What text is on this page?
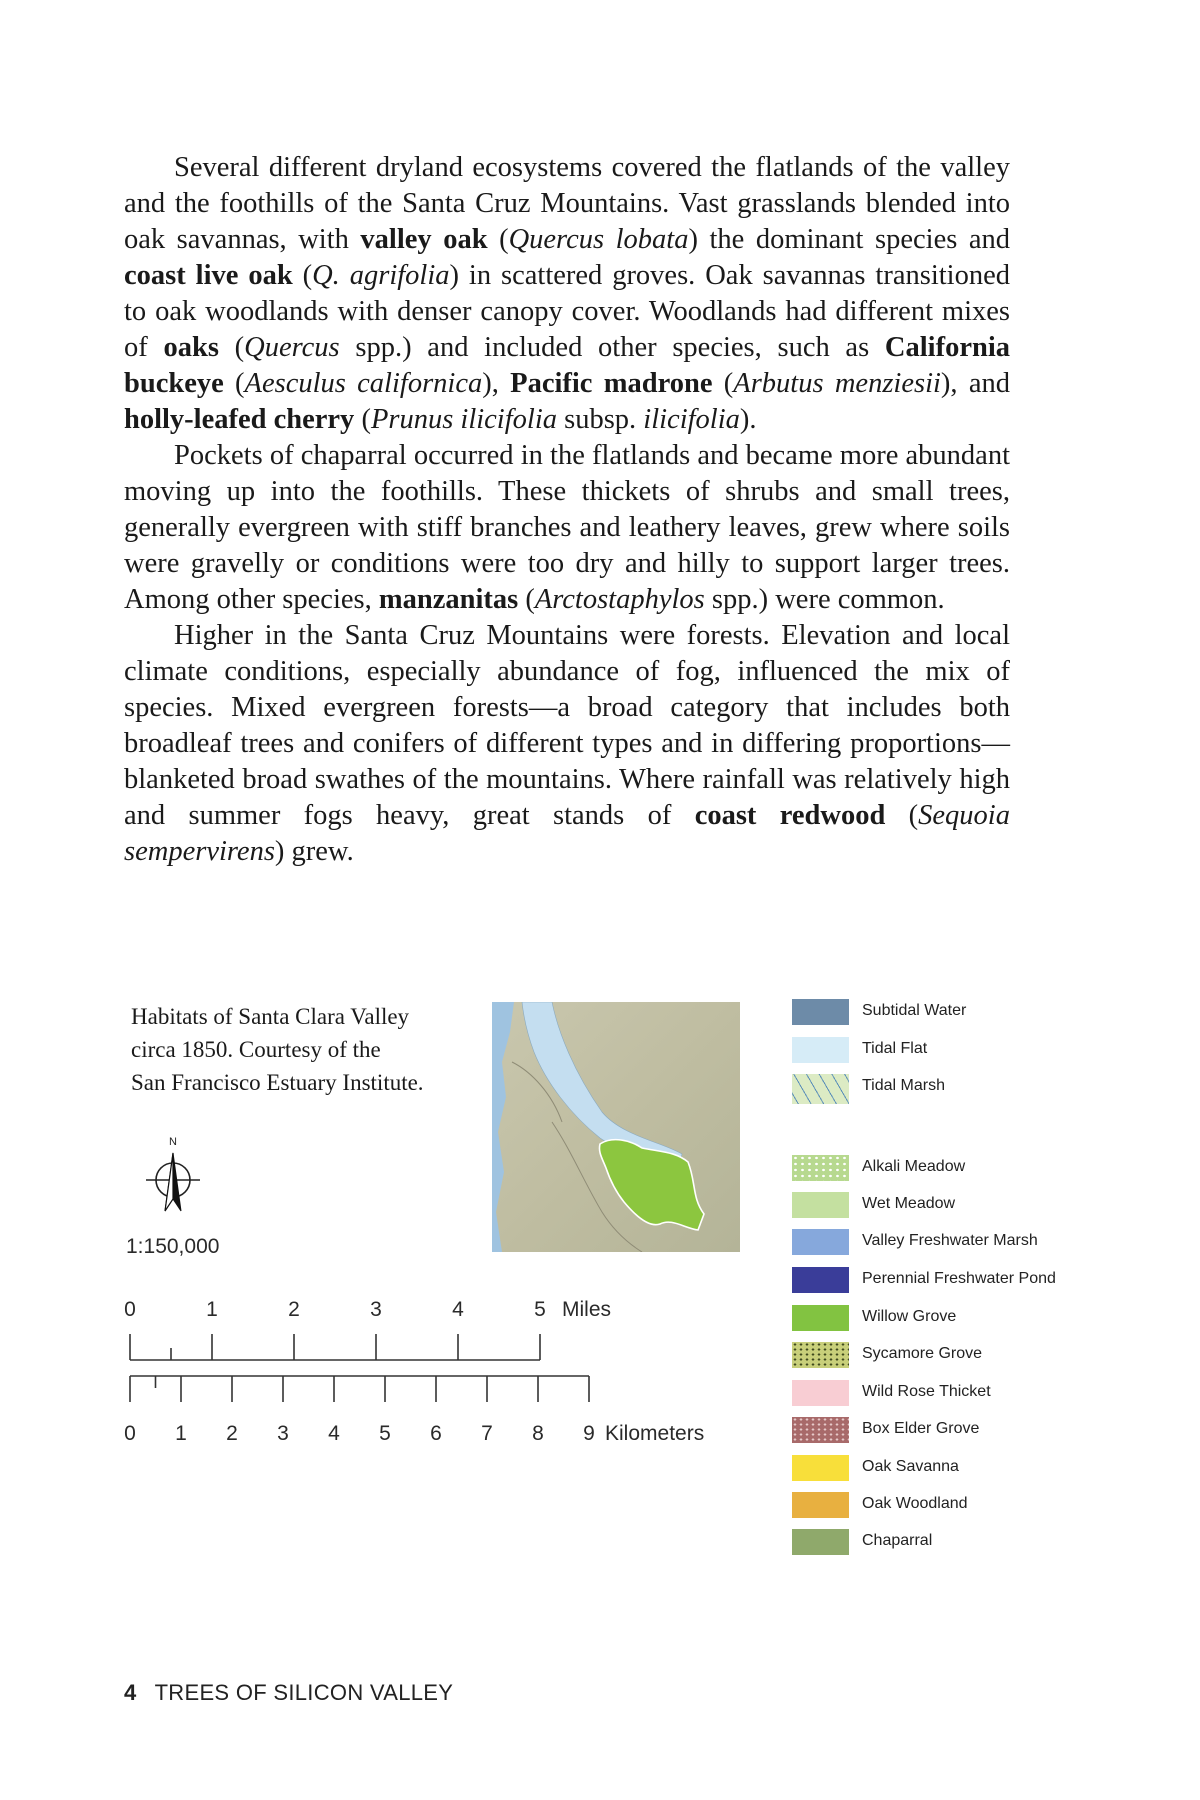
Several different dryland ecosystems covered the flatlands of the valley and the foothills of the Santa Cruz Mountains. Vast grasslands blended into oak savannas, with valley oak (Quercus lobata) the dominant species and coast live oak (Q. agrifolia) in scattered groves. Oak savannas transitioned to oak woodlands with denser canopy cover. Woodlands had different mixes of oaks (Quercus spp.) and included other species, such as California buckeye (Aesculus californica), Pacific madrone (Arbutus menziesii), and holly-leafed cherry (Prunus ilicifolia subsp. ilicifolia).

Pockets of chaparral occurred in the flatlands and became more abundant moving up into the foothills. These thickets of shrubs and small trees, generally evergreen with stiff branches and leathery leaves, grew where soils were gravelly or conditions were too dry and hilly to support larger trees. Among other species, manzanitas (Arctostaphylos spp.) were common.

Higher in the Santa Cruz Mountains were forests. Elevation and local climate conditions, especially abundance of fog, influenced the mix of species. Mixed evergreen forests—a broad category that includes both broadleaf trees and conifers of different types and in differing proportions—blanketed broad swathes of the mountains. Where rainfall was relatively high and summer fogs heavy, great stands of coast redwood (Sequoia sempervirens) grew.

Habitats of Santa Clara Valley
circa 1850. Courtesy of the
San Francisco Estuary Institute.
N
1:150,000
0	1	2	3	4	5 Miles
0 1 2 3 4 5 6 7 8 9 Kilometers
Subtidal Water
Tidal Flat
Tidal Marsh
Alkali Meadow
Wet Meadow
Valley Freshwater Marsh
Perennial Freshwater Pond
Willow Grove
Sycamore Grove
Wild Rose Thicket
Box Elder Grove
Oak Savanna
Oak Woodland
Chaparral
4 TREES OF SILICON VALLEY
